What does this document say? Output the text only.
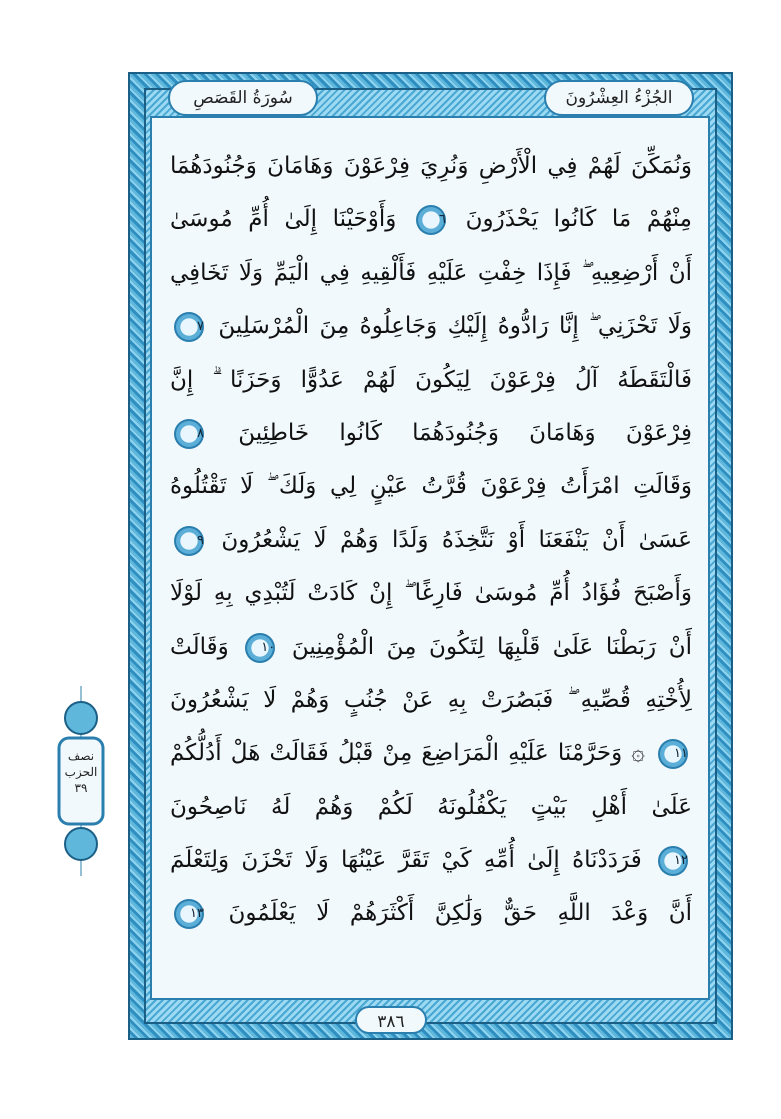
الجُزْءُ العِشْرُونَ
سُورَةُ القَصَصِ
وَنُمَكِّنَ لَهُمْ فِي الْأَرْضِ وَنُرِيَ فِرْعَوْنَ وَهَامَانَ وَجُنُودَهُمَا
مِنْهُمْ مَا كَانُوا يَحْذَرُونَ ٦ وَأَوْحَيْنَا إِلَىٰ أُمِّ مُوسَىٰ
أَنْ أَرْضِعِيهِ ۖ فَإِذَا خِفْتِ عَلَيْهِ فَأَلْقِيهِ فِي الْيَمِّ وَلَا تَخَافِي
وَلَا تَحْزَنِي ۖ إِنَّا رَادُّوهُ إِلَيْكِ وَجَاعِلُوهُ مِنَ الْمُرْسَلِينَ ٧
فَالْتَقَطَهُ آلُ فِرْعَوْنَ لِيَكُونَ لَهُمْ عَدُوًّا وَحَزَنًا ۗ إِنَّ
فِرْعَوْنَ وَهَامَانَ وَجُنُودَهُمَا كَانُوا خَاطِئِينَ ٨
وَقَالَتِ امْرَأَتُ فِرْعَوْنَ قُرَّتُ عَيْنٍ لِي وَلَكَ ۖ لَا تَقْتُلُوهُ
عَسَىٰ أَنْ يَنْفَعَنَا أَوْ نَتَّخِذَهُ وَلَدًا وَهُمْ لَا يَشْعُرُونَ ٩
وَأَصْبَحَ فُؤَادُ أُمِّ مُوسَىٰ فَارِغًا ۖ إِنْ كَادَتْ لَتُبْدِي بِهِ لَوْلَا
أَنْ رَبَطْنَا عَلَىٰ قَلْبِهَا لِتَكُونَ مِنَ الْمُؤْمِنِينَ ١٠ وَقَالَتْ
لِأُخْتِهِ قُصِّيهِ ۖ فَبَصُرَتْ بِهِ عَنْ جُنُبٍ وَهُمْ لَا يَشْعُرُونَ
١١ ۞ وَحَرَّمْنَا عَلَيْهِ الْمَرَاضِعَ مِنْ قَبْلُ فَقَالَتْ هَلْ أَدُلُّكُمْ
عَلَىٰ أَهْلِ بَيْتٍ يَكْفُلُونَهُ لَكُمْ وَهُمْ لَهُ نَاصِحُونَ
١٢ فَرَدَدْنَاهُ إِلَىٰ أُمِّهِ كَيْ تَقَرَّ عَيْنُهَا وَلَا تَحْزَنَ وَلِتَعْلَمَ
أَنَّ وَعْدَ اللَّهِ حَقٌّ وَلَٰكِنَّ أَكْثَرَهُمْ لَا يَعْلَمُونَ ١٣
نصف
الحزب
٣٩
٣٨٦
